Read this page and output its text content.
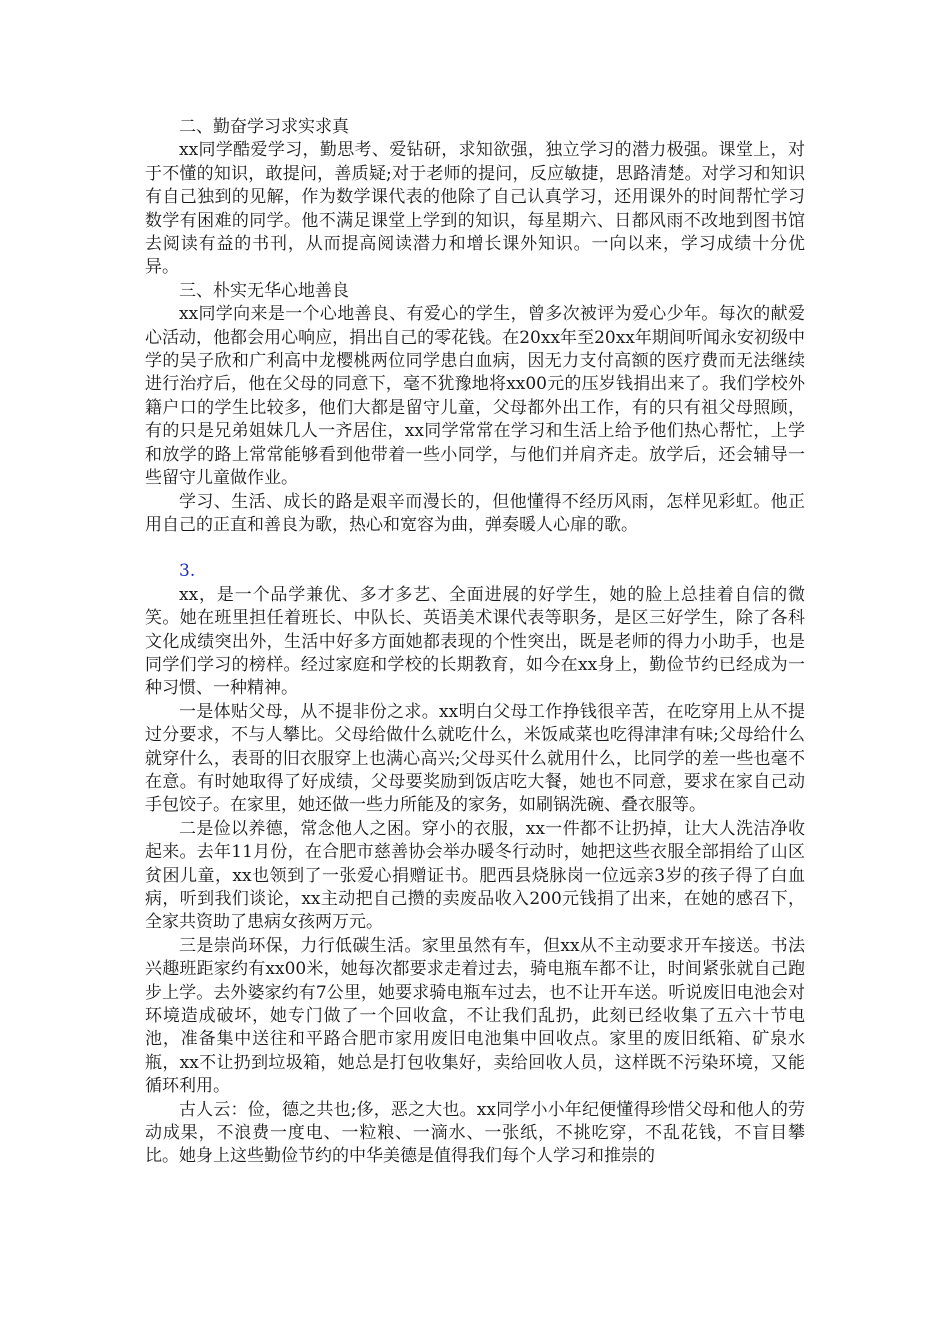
二、勤奋学习求实求真

xx同学酷爱学习，勤思考、爱钻研，求知欲强，独立学习的潜力极强。课堂上，对于不懂的知识，敢提问，善质疑;对于老师的提问，反应敏捷，思路清楚。对学习和知识有自己独到的见解，作为数学课代表的他除了自己认真学习，还用课外的时间帮忙学习数学有困难的同学。他不满足课堂上学到的知识，每星期六、日都风雨不改地到图书馆去阅读有益的书刊，从而提高阅读潜力和增长课外知识。一向以来，学习成绩十分优异。

三、朴实无华心地善良

xx同学向来是一个心地善良、有爱心的学生，曾多次被评为爱心少年。每次的献爱心活动，他都会用心响应，捐出自己的零花钱。在20xx年至20xx年期间听闻永安初级中学的吴子欣和广利高中龙樱桃两位同学患白血病，因无力支付高额的医疗费而无法继续进行治疗后，他在父母的同意下，毫不犹豫地将xx00元的压岁钱捐出来了。我们学校外籍户口的学生比较多，他们大都是留守儿童，父母都外出工作，有的只有祖父母照顾，有的只是兄弟姐妹几人一齐居住，xx同学常常在学习和生活上给予他们热心帮忙，上学和放学的路上常常能够看到他带着一些小同学，与他们并肩齐走。放学后，还会辅导一些留守儿童做作业。

学习、生活、成长的路是艰辛而漫长的，但他懂得不经历风雨，怎样见彩虹。他正用自己的正直和善良为歌，热心和宽容为曲，弹奏暖人心扉的歌。

3.

xx，是一个品学兼优、多才多艺、全面进展的好学生，她的脸上总挂着自信的微笑。她在班里担任着班长、中队长、英语美术课代表等职务，是区三好学生，除了各科文化成绩突出外，生活中好多方面她都表现的个性突出，既是老师的得力小助手，也是同学们学习的榜样。经过家庭和学校的长期教育，如今在xx身上，勤俭节约已经成为一种习惯、一种精神。

一是体贴父母，从不提非份之求。xx明白父母工作挣钱很辛苦，在吃穿用上从不提过分要求，不与人攀比。父母给做什么就吃什么，米饭咸菜也吃得津津有味;父母给什么就穿什么，表哥的旧衣服穿上也满心高兴;父母买什么就用什么，比同学的差一些也毫不在意。有时她取得了好成绩，父母要奖励到饭店吃大餐，她也不同意，要求在家自己动手包饺子。在家里，她还做一些力所能及的家务，如刷锅洗碗、叠衣服等。

二是俭以养德，常念他人之困。穿小的衣服，xx一件都不让扔掉，让大人洗洁净收起来。去年11月份，在合肥市慈善协会举办暖冬行动时，她把这些衣服全部捐给了山区贫困儿童，xx也领到了一张爱心捐赠证书。肥西县烧脉岗一位远亲3岁的孩子得了白血病，听到我们谈论，xx主动把自己攒的卖废品收入200元钱捐了出来，在她的感召下，全家共资助了患病女孩两万元。

三是崇尚环保，力行低碳生活。家里虽然有车，但xx从不主动要求开车接送。书法兴趣班距家约有xx00米，她每次都要求走着过去，骑电瓶车都不让，时间紧张就自己跑步上学。去外婆家约有7公里，她要求骑电瓶车过去，也不让开车送。听说废旧电池会对环境造成破坏，她专门做了一个回收盒，不让我们乱扔，此刻已经收集了五六十节电池，准备集中送往和平路合肥市家用废旧电池集中回收点。家里的废旧纸箱、矿泉水瓶，xx不让扔到垃圾箱，她总是打包收集好，卖给回收人员，这样既不污染环境，又能循环利用。

古人云：俭，德之共也;侈，恶之大也。xx同学小小年纪便懂得珍惜父母和他人的劳动成果，不浪费一度电、一粒粮、一滴水、一张纸，不挑吃穿，不乱花钱，不盲目攀比。她身上这些勤俭节约的中华美德是值得我们每个人学习和推崇的
